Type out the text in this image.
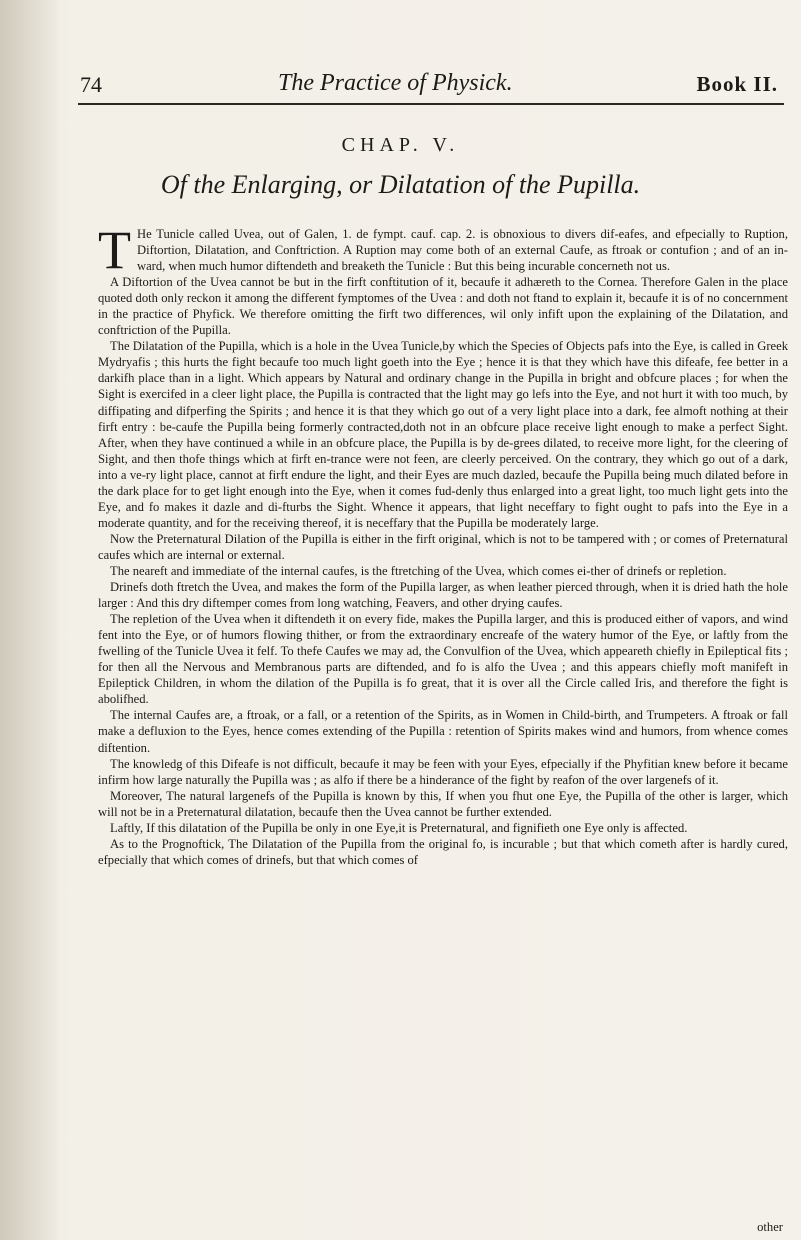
74	The Practice of Physick.	Book II.
CHAP. V.
Of the Enlarging, or Dilatation of the Pupilla.

T He Tunicle called Uvea, out of Galen, 1. de fympt. cauf. cap. 2. is obnoxious to divers dif-eafes, and efpecially to Ruption, Diftortion, Dilatation, and Conftriction. A Ruption may come both of an external Caufe, as ftroak or contufion ; and of an in-ward, when much humor diftendeth and breaketh the Tunicle : But this being incurable concerneth not us.

A Diftortion of the Uvea cannot be but in the firft conftitution of it, becaufe it adhæreth to the Cornea. Therefore Galen in the place quoted doth only reckon it among the different fymptomes of the Uvea : and doth not ftand to explain it, becaufe it is of no concernment in the practice of Phyfick. We therefore omitting the firft two differences, wil only infift upon the explaining of the Dilatation, and conftriction of the Pupilla.

The Dilatation of the Pupilla, which is a hole in the Uvea Tunicle,by which the Species of Objects pafs into the Eye, is called in Greek Mydryafis ; this hurts the fight becaufe too much light goeth into the Eye ; hence it is that they which have this difeafe, fee better in a darkifh place than in a light. Which appears by Natural and ordinary change in the Pupilla in bright and obfcure places ; for when the Sight is exercifed in a cleer light place, the Pupilla is contracted that the light may go lefs into the Eye, and not hurt it with too much, by diffipating and difperfing the Spirits ; and hence it is that they which go out of a very light place into a dark, fee almoft nothing at their firft entry : be-caufe the Pupilla being formerly contracted,doth not in an obfcure place receive light enough to make a perfect Sight. After, when they have continued a while in an obfcure place, the Pupilla is by de-grees dilated, to receive more light, for the cleering of Sight, and then thofe things which at firft en-trance were not feen, are cleerly perceived. On the contrary, they which go out of a dark, into a ve-ry light place, cannot at firft endure the light, and their Eyes are much dazled, becaufe the Pupilla being much dilated before in the dark place for to get light enough into the Eye, when it comes fud-denly thus enlarged into a great light, too much light gets into the Eye, and fo makes it dazle and di-fturbs the Sight. Whence it appears, that light neceffary to fight ought to pafs into the Eye in a moderate quantity, and for the receiving thereof, it is neceffary that the Pupilla be moderately large.

Now the Preternatural Dilation of the Pupilla is either in the firft original, which is not to be tampered with ; or comes of Preternatural caufes which are internal or external.

The neareft and immediate of the internal caufes, is the ftretching of the Uvea, which comes ei-ther of drinefs or repletion.

Drinefs doth ftretch the Uvea, and makes the form of the Pupilla larger, as when leather pierced through, when it is dried hath the hole larger : And this dry diftemper comes from long watching, Feavers, and other drying caufes.

The repletion of the Uvea when it diftendeth it on every fide, makes the Pupilla larger, and this is produced either of vapors, and wind fent into the Eye, or of humors flowing thither, or from the extraordinary encreafe of the watery humor of the Eye, or laftly from the fwelling of the Tunicle Uvea it felf. To thefe Caufes we may ad, the Convulfion of the Uvea, which appeareth chiefly in Epileptical fits ; for then all the Nervous and Membranous parts are diftended, and fo is alfo the Uvea ; and this appears chiefly moft manifeft in Epileptick Children, in whom the dilation of the Pupilla is fo great, that it is over all the Circle called Iris, and therefore the fight is abolifhed.

The internal Caufes are, a ftroak, or a fall, or a retention of the Spirits, as in Women in Child-birth, and Trumpeters. A ftroak or fall make a defluxion to the Eyes, hence comes extending of the Pupilla : retention of Spirits makes wind and humors, from whence comes diftention.

The knowledg of this Difeafe is not difficult, becaufe it may be feen with your Eyes, efpecially if the Phyfitian knew before it became infirm how large naturally the Pupilla was ; as alfo if there be a hinderance of the fight by reafon of the over largenefs of it.

Moreover, The natural largenefs of the Pupilla is known by this, If when you fhut one Eye, the Pupilla of the other is larger, which will not be in a Preternatural dilatation, becaufe then the Uvea cannot be further extended.

Laftly, If this dilatation of the Pupilla be only in one Eye,it is Preternatural, and fignifieth one Eye only is affected.

As to the Prognoftick, The Dilatation of the Pupilla from the original fo, is incurable ; but that which cometh after is hardly cured, efpecially that which comes of drinefs, but that which comes of

other
